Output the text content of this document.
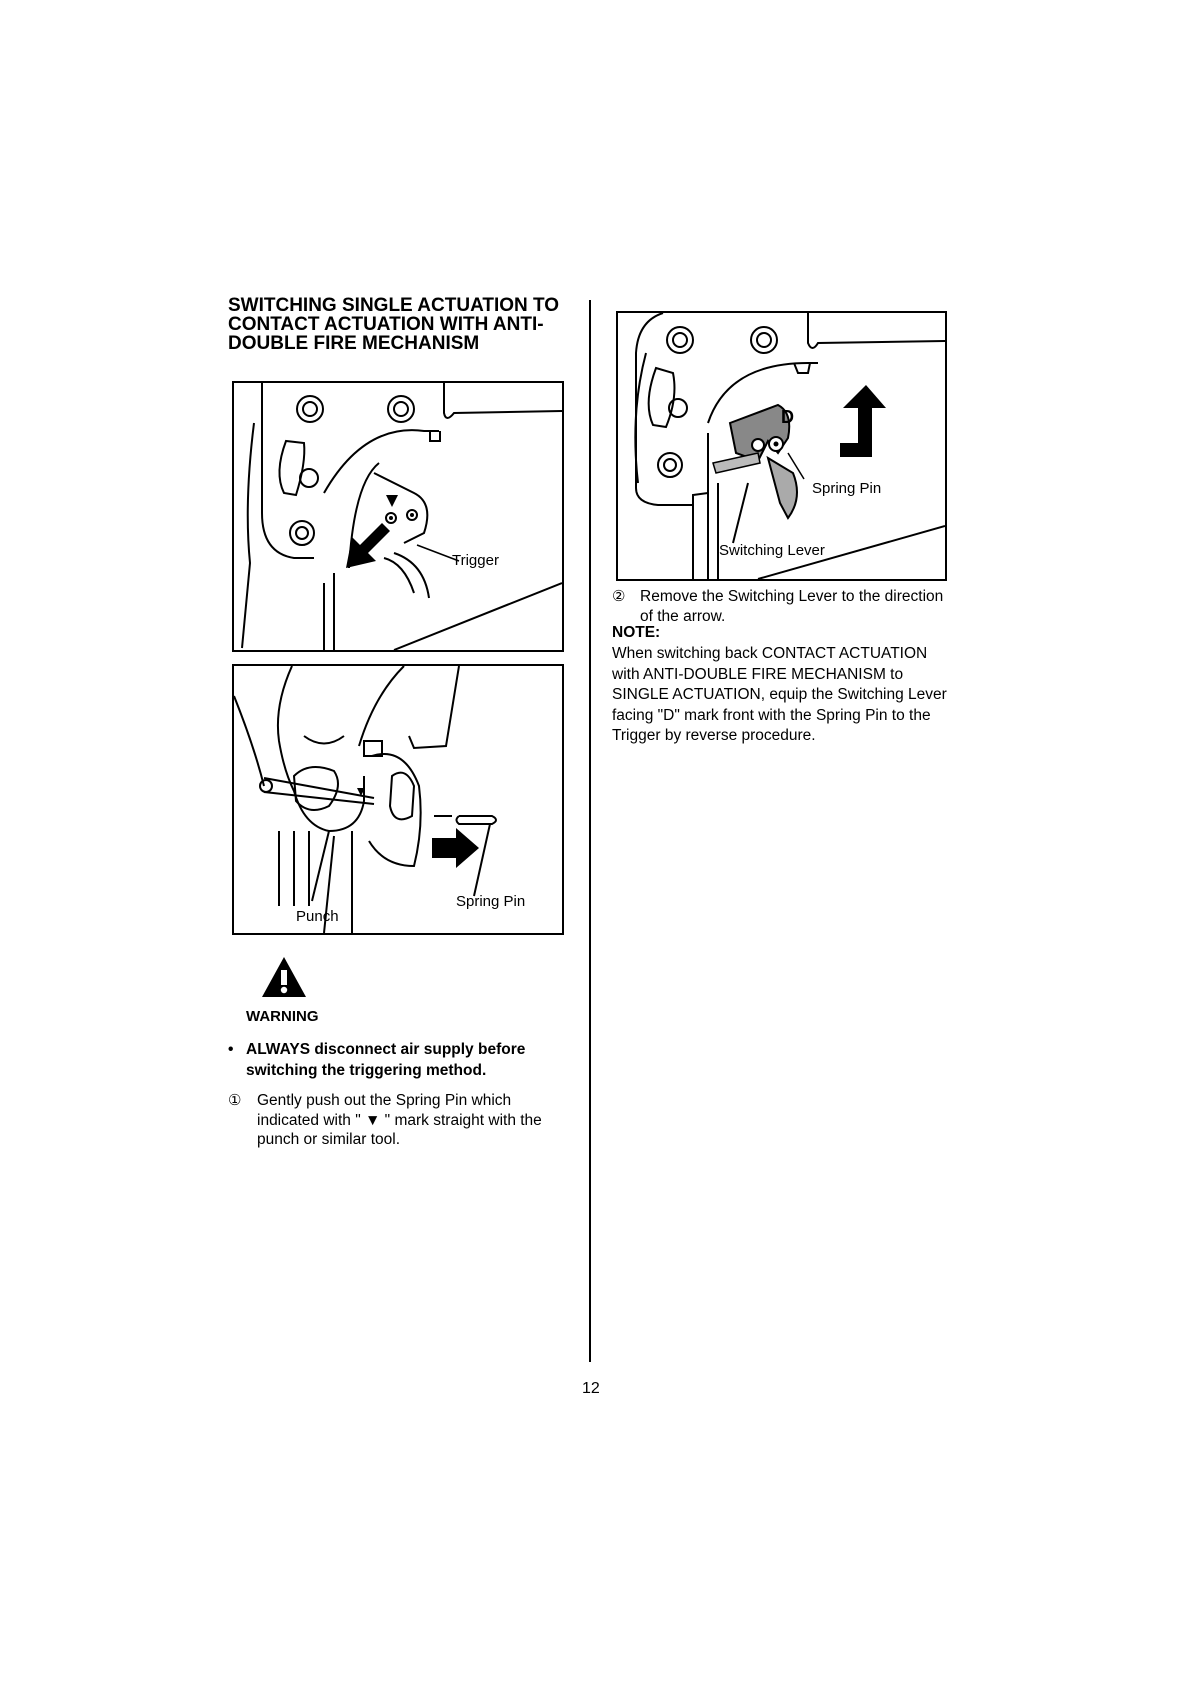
SWITCHING SINGLE ACTUATION TO CONTACT ACTUATION WITH ANTI-DOUBLE FIRE MECHANISM
Trigger
Punch
Spring Pin
WARNING
• ALWAYS disconnect air supply before switching the triggering method.
① Gently push out the Spring Pin which indicated with " ▼ " mark straight with the punch or similar tool.
D
Spring Pin
Switching Lever
② Remove the Switching Lever to the direction of the arrow.
NOTE:
When switching back CONTACT ACTUATION with ANTI-DOUBLE FIRE MECHANISM to SINGLE ACTUATION, equip the Switching Lever facing "D" mark front with the Spring Pin to the Trigger by reverse procedure.
12
